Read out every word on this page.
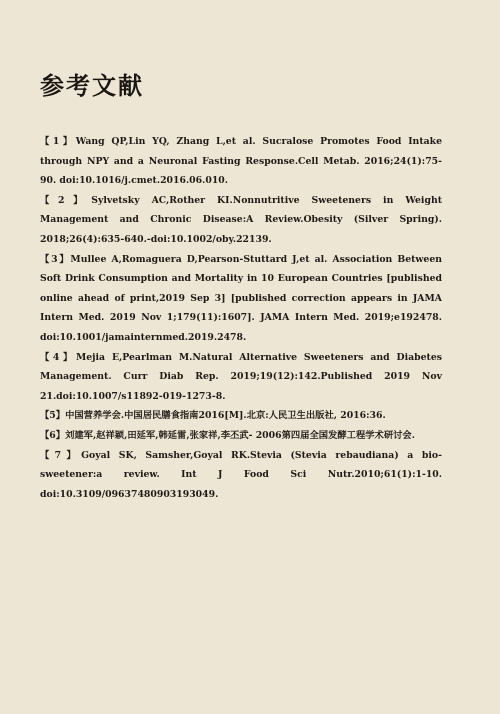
参考文献
【1】Wang QP,Lin YQ, Zhang L,et al. Sucralose Promotes Food Intake through NPY and a Neuronal Fasting Response.Cell Metab. 2016;24(1):75-90. doi:10.1016/j.cmet.2016.06.010.
【2】Sylvetsky AC,Rother KI.Nonnutritive Sweeteners in Weight Management and Chronic Disease:A Review.Obesity (Silver Spring). 2018;26(4):635-640.-doi:10.1002/oby.22139.
【3】Mullee A,Romaguera D,Pearson-Stuttard J,et al. Association Between Soft Drink Consumption and Mortality in 10 European Countries [published online ahead of print,2019 Sep 3] [published correction appears in JAMA Intern Med. 2019 Nov 1;179(11):1607]. JAMA Intern Med. 2019;e192478. doi:10.1001/jamainternmed.2019.2478.
【4】Mejia E,Pearlman M.Natural Alternative Sweeteners and Diabetes Management. Curr Diab Rep. 2019;19(12):142.Published 2019 Nov 21.doi:10.1007/s11892-019-1273-8.
【5】中国营养学会.中国居民膳食指南2016[M].北京:人民卫生出版社, 2016:36.
【6】刘建军,赵祥颖,田延军,韩延雷,张家祥,李丕武- 2006第四届全国发酵工程学术研讨会.
【7】Goyal SK, Samsher,Goyal RK.Stevia (Stevia rebaudiana) a bio-sweetener:a review. Int J Food Sci Nutr.2010;61(1):1-10. doi:10.3109/09637480903193049.
